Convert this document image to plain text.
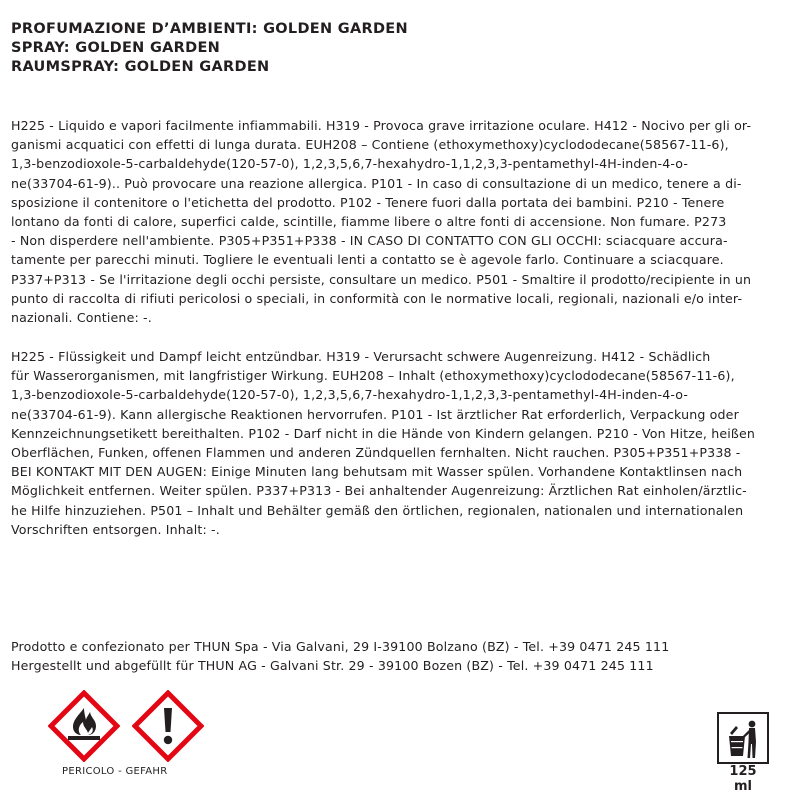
PROFUMAZIONE D’AMBIENTI: GOLDEN GARDEN
SPRAY: GOLDEN GARDEN
RAUMSPRAY: GOLDEN GARDEN
H225 - Liquido e vapori facilmente infiammabili. H319 - Provoca grave irritazione oculare. H412 - Nocivo per gli or-
ganismi acquatici con effetti di lunga durata. EUH208 – Contiene (ethoxymethoxy)cyclododecane(58567-11-6),
1,3-benzodioxole-5-carbaldehyde(120-57-0), 1,2,3,5,6,7-hexahydro-1,1,2,3,3-pentamethyl-4H-inden-4-o-
ne(33704-61-9).. Può provocare una reazione allergica. P101 - In caso di consultazione di un medico, tenere a di-
sposizione il contenitore o l'etichetta del prodotto. P102 - Tenere fuori dalla portata dei bambini. P210 - Tenere
lontano da fonti di calore, superfici calde, scintille, fiamme libere o altre fonti di accensione. Non fumare. P273
- Non disperdere nell'ambiente. P305+P351+P338 - IN CASO DI CONTATTO CON GLI OCCHI: sciacquare accura-
tamente per parecchi minuti. Togliere le eventuali lenti a contatto se è agevole farlo. Continuare a sciacquare.
P337+P313 - Se l'irritazione degli occhi persiste, consultare un medico. P501 - Smaltire il prodotto/recipiente in un
punto di raccolta di rifiuti pericolosi o speciali, in conformità con le normative locali, regionali, nazionali e/o inter-
nazionali. Contiene: -.
H225 - Flüssigkeit und Dampf leicht entzündbar. H319 - Verursacht schwere Augenreizung. H412 - Schädlich
für Wasserorganismen, mit langfristiger Wirkung. EUH208 – Inhalt (ethoxymethoxy)cyclododecane(58567-11-6),
1,3-benzodioxole-5-carbaldehyde(120-57-0), 1,2,3,5,6,7-hexahydro-1,1,2,3,3-pentamethyl-4H-inden-4-o-
ne(33704-61-9). Kann allergische Reaktionen hervorrufen. P101 - Ist ärztlicher Rat erforderlich, Verpackung oder
Kennzeichnungsetikett bereithalten. P102 - Darf nicht in die Hände von Kindern gelangen. P210 - Von Hitze, heißen
Oberflächen, Funken, offenen Flammen und anderen Zündquellen fernhalten. Nicht rauchen. P305+P351+P338 -
BEI KONTAKT MIT DEN AUGEN: Einige Minuten lang behutsam mit Wasser spülen. Vorhandene Kontaktlinsen nach
Möglichkeit entfernen. Weiter spülen. P337+P313 - Bei anhaltender Augenreizung: Ärztlichen Rat einholen/ärztlic-
he Hilfe hinzuziehen. P501 – Inhalt und Behälter gemäß den örtlichen, regionalen, nationalen und internationalen
Vorschriften entsorgen. Inhalt: -.
Prodotto e confezionato per THUN Spa - Via Galvani, 29 I-39100 Bolzano (BZ) - Tel. +39 0471 245 111
Hergestellt und abgefüllt für THUN AG - Galvani Str. 29 - 39100 Bozen (BZ) - Tel. +39 0471 245 111
PERICOLO - GEFAHR	125
ml
